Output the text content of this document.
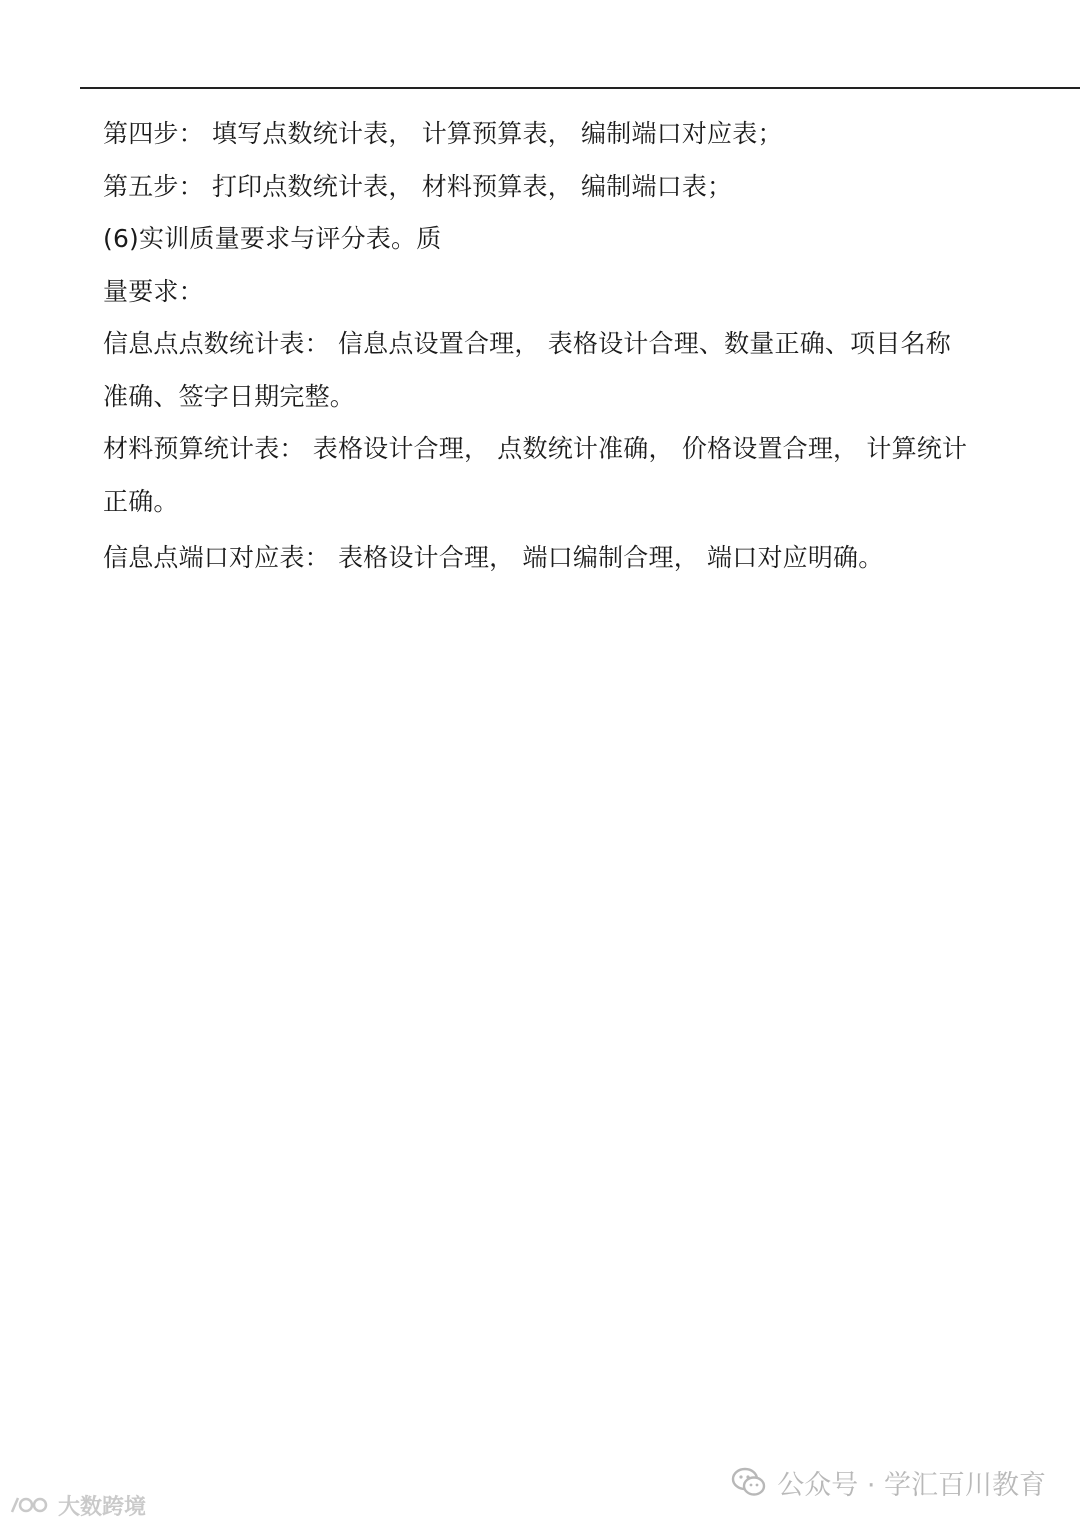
第四步： 填写点数统计表， 计算预算表， 编制端口对应表；
第五步： 打印点数统计表， 材料预算表， 编制端口表；
(6)实训质量要求与评分表。质
量要求：
信息点点数统计表： 信息点设置合理， 表格设计合理、数量正确、项目名称
准确、签字日期完整。
材料预算统计表： 表格设计合理， 点数统计准确， 价格设置合理， 计算统计
正确。
信息点端口对应表： 表格设计合理， 端口编制合理， 端口对应明确。
公众号 · 学汇百川教育
大数跨境
